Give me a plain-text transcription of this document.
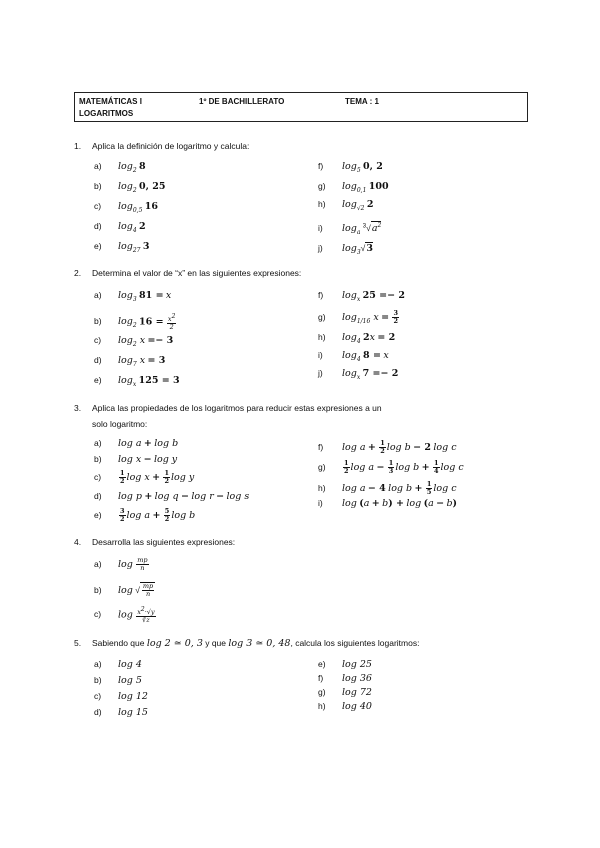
MATEMÁTICAS I
LOGARITMOS
1º DE BACHILLERATO	TEMA : 1
1. Aplica la definición de logaritmo y calcula:
a) $\log_2 8$
b) $\log_2 0$, 25
c) $\log_{0,5} 16$
d) $\log_4 2$
e) $\log_{27} 3$
f) $\log_5 0$, 2
g) $\log_{0,1} 100$
h) $\log_{√2} 2$
i) $\log_a ^3√a^2$
j) $\log_3√3$
2. Determina el valor de “x” en las siguientes expresiones:
a) $\log_3 81 = x$
b) $\log_2 16 = \frac{x^2}{2}$
c) $\log_2 x =- 3$
d) $\log_7 x = 3$
e) $\log_x 125 = 3$
f) $\log_x 25 =- 2$
g) $\log_{1/16} x = \frac{3}{2}$
h) $\log_4 2x = 2$
i) $\log_4 8 = x$
j) $\log_x 7 =- 2$
3. Aplica las propiedades de los logaritmos para reducir estas expresiones a un
solo logaritmo:
a) log a + log b
b) log x − log y
c)	$\frac{1}{2}$ $\log x + \frac{1}{2}$ log y
d) log p + log q − log r − log s
e)	$\frac{3}{2}$ $\log a + \frac{5}{2}$ log b
f) $\log a + \frac{1}{2}$ log b − 2 log c
g)	$\frac{1}{2}$ $\log a - \frac{1}{3}$ $\log b + \frac{1}{4}$ log c
h) log a − 4 $\log b + \frac{1}{5}$ log c
i) log (a + b) + log (a − b)
4. Desarrolla las siguientes expresiones:
a) $\log \frac{mp}{n}$
b) log √ $\frac{mp}{n}$
c) $\log \frac{x^2\cdot√y}{∛z}$
5. Sabiendo que log 2 ≃ 0, 3 y que log 3 ≃ 0, 48, calcula los siguientes logaritmos:
a) log 4
b) log 5
c) log 12
d) log 15
e) log 25
f) log 36
g) log 72
h) log 40
